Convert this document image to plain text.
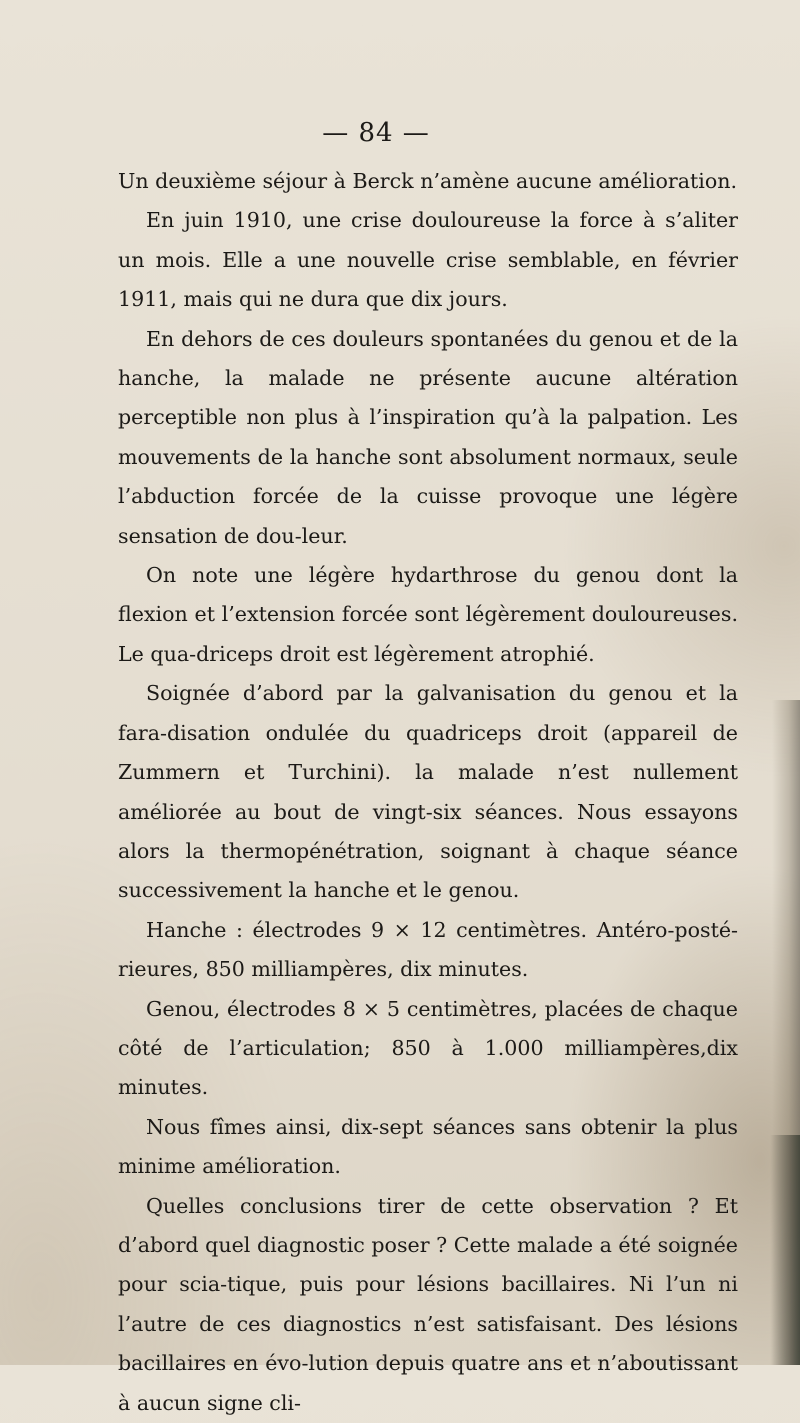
— 84 —

Un deuxième séjour à Berck n’amène aucune amélioration.

En juin 1910, une crise douloureuse la force à s’aliter un mois. Elle a une nouvelle crise semblable, en février 1911, mais qui ne dura que dix jours.

En dehors de ces douleurs spontanées du genou et de la hanche, la malade ne présente aucune altération perceptible non plus à l’inspiration qu’à la palpation. Les mouvements de la hanche sont absolument normaux, seule l’abduction forcée de la cuisse provoque une légère sensation de dou-leur.

On note une légère hydarthrose du genou dont la flexion et l’extension forcée sont légèrement douloureuses. Le qua-driceps droit est légèrement atrophié.

Soignée d’abord par la galvanisation du genou et la fara-disation ondulée du quadriceps droit (appareil de Zummern et Turchini). la malade n’est nullement améliorée au bout de vingt-six séances. Nous essayons alors la thermopénétration, soignant à chaque séance successivement la hanche et le genou.

Hanche : électrodes 9 × 12 centimètres. Antéro-posté-rieures, 850 milliampères, dix minutes.

Genou, électrodes 8 × 5 centimètres, placées de chaque côté de l’articulation; 850 à 1.000 milliampères,dix minutes.

Nous fîmes ainsi, dix-sept séances sans obtenir la plus minime amélioration.

Quelles conclusions tirer de cette observation ? Et d’abord quel diagnostic poser ? Cette malade a été soignée pour scia-tique, puis pour lésions bacillaires. Ni l’un ni l’autre de ces diagnostics n’est satisfaisant. Des lésions bacillaires en évo-lution depuis quatre ans et n’aboutissant à aucun signe cli-
